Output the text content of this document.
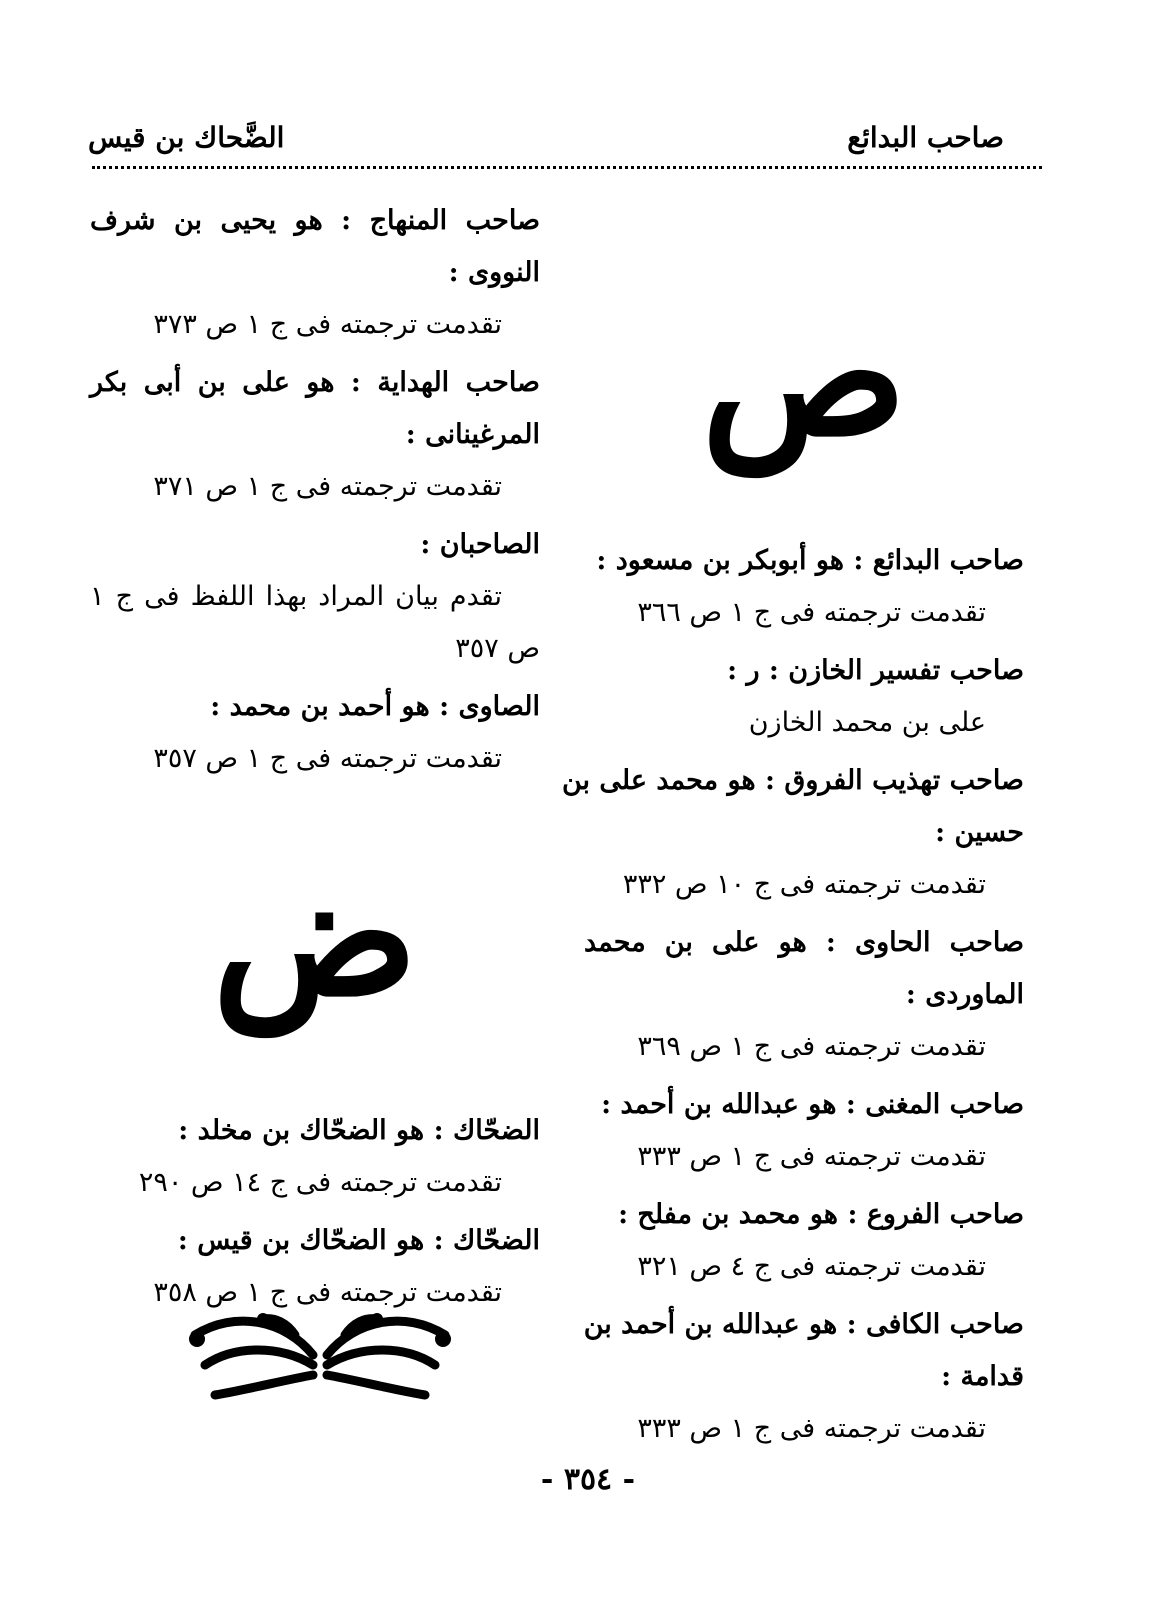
صاحب البدائع
الضَّحاك بن قيس
ص
صاحب البدائع : هو أبوبكر بن مسعود :
تقدمت ترجمته فى ج ١ ص ٣٦٦
صاحب تفسير الخازن : ر :
على بن محمد الخازن
صاحب تهذيب الفروق : هو محمد على بن
حسين :
تقدمت ترجمته فى ج ١٠ ص ٣٣٢
صاحب الحاوى : هو على بن محمد
الماوردى :
تقدمت ترجمته فى ج ١ ص ٣٦٩
صاحب المغنى : هو عبدالله بن أحمد :
تقدمت ترجمته فى ج ١ ص ٣٣٣
صاحب الفروع : هو محمد بن مفلح :
تقدمت ترجمته فى ج ٤ ص ٣٢١
صاحب الكافى : هو عبدالله بن أحمد بن
قدامة :
تقدمت ترجمته فى ج ١ ص ٣٣٣
صاحب المنهاج : هو يحيى بن شرف
النووى :
تقدمت ترجمته فى ج ١ ص ٣٧٣
صاحب الهداية : هو على بن أبى بكر
المرغينانى :
تقدمت ترجمته فى ج ١ ص ٣٧١
الصاحبان :
تقدم بيان المراد بهذا اللفظ فى ج ١
ص ٣٥٧
الصاوى : هو أحمد بن محمد :
تقدمت ترجمته فى ج ١ ص ٣٥٧
ض
الضحّاك : هو الضحّاك بن مخلد :
تقدمت ترجمته فى ج ١٤ ص ٢٩٠
الضحّاك : هو الضحّاك بن قيس :
تقدمت ترجمته فى ج ١ ص ٣٥٨
- ٣٥٤ -
